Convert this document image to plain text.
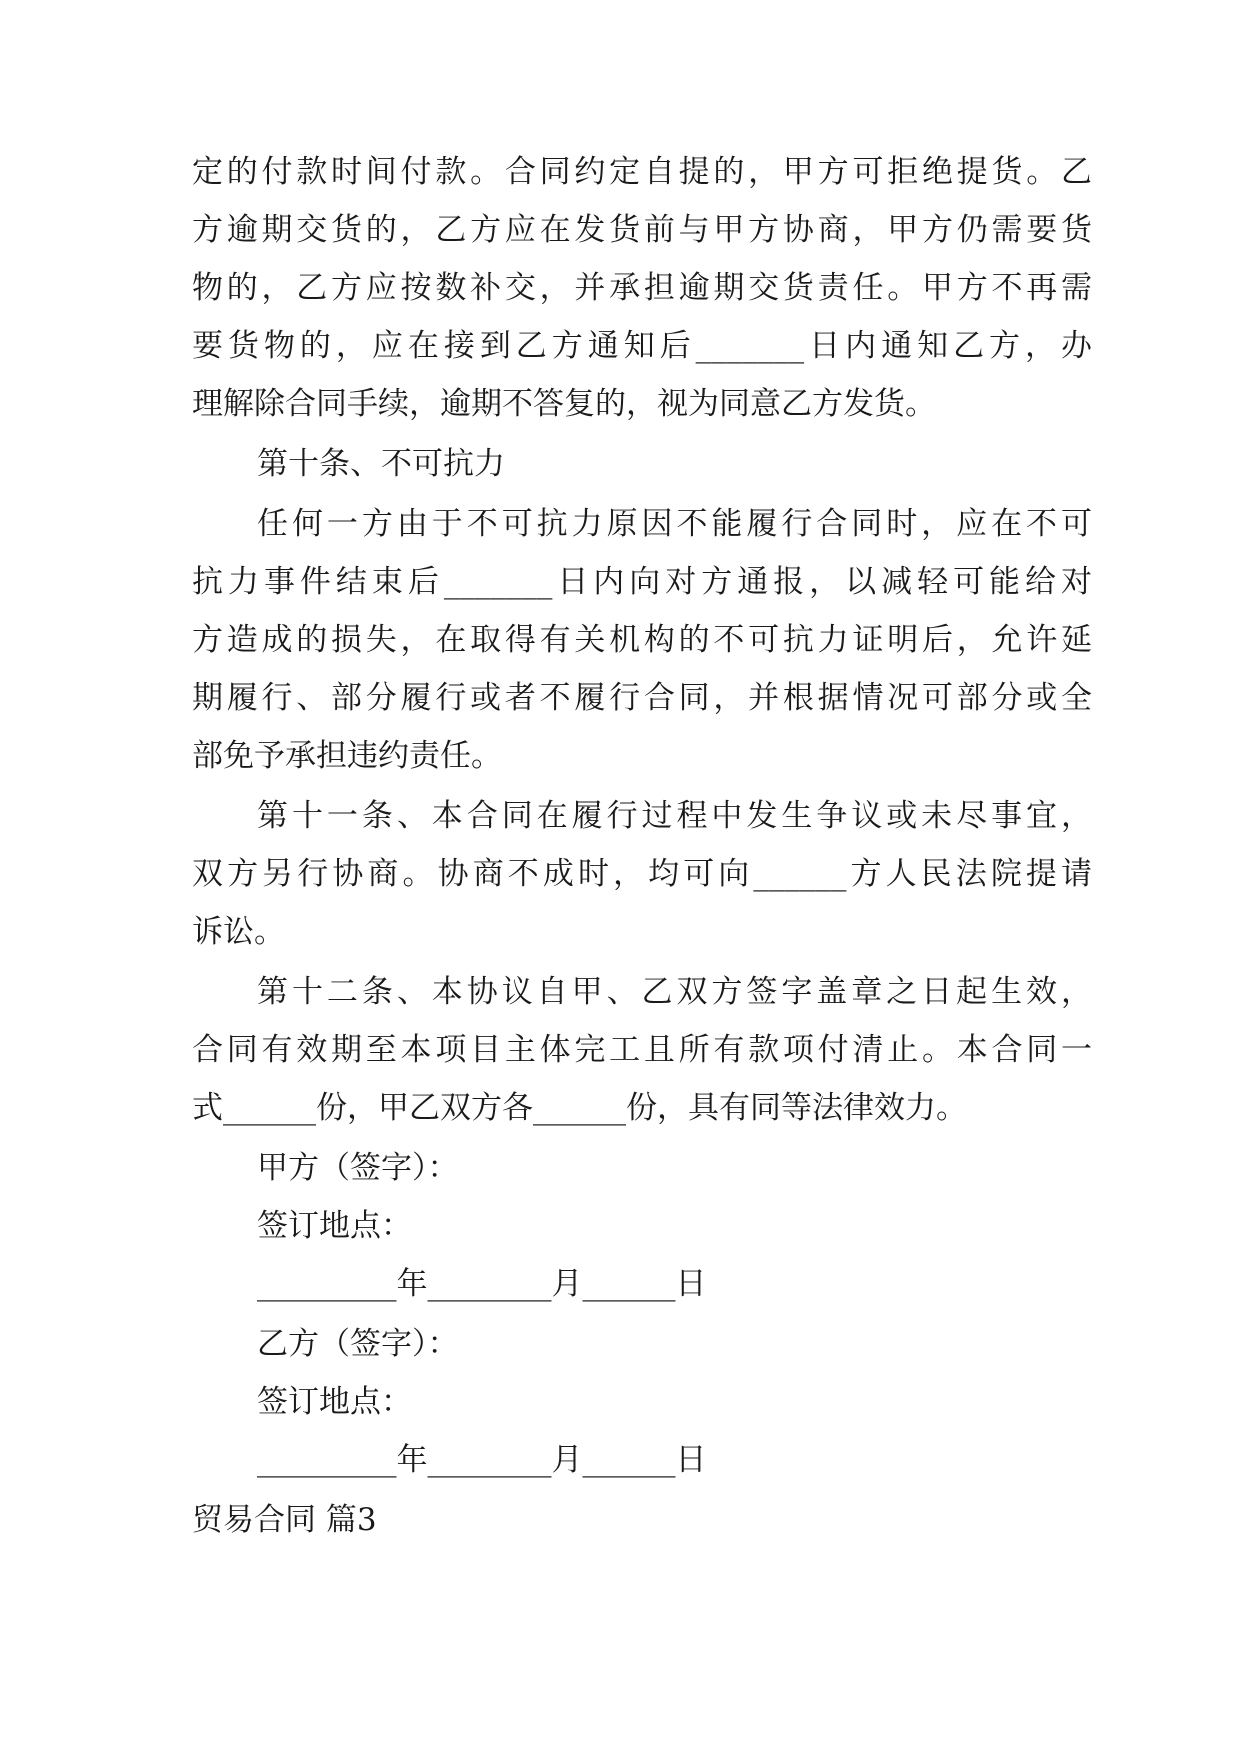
定的付款时间付款。合同约定自提的，甲方可拒绝提货。乙
方逾期交货的，乙方应在发货前与甲方协商，甲方仍需要货
物的，乙方应按数补交，并承担逾期交货责任。甲方不再需
要货物的，应在接到乙方通知后_______日内通知乙方，办
理解除合同手续，逾期不答复的，视为同意乙方发货。
第十条、不可抗力
任何一方由于不可抗力原因不能履行合同时，应在不可
抗力事件结束后_______日内向对方通报，以减轻可能给对
方造成的损失，在取得有关机构的不可抗力证明后，允许延
期履行、部分履行或者不履行合同，并根据情况可部分或全
部免予承担违约责任。
第十一条、本合同在履行过程中发生争议或未尽事宜，
双方另行协商。协商不成时，均可向______方人民法院提请
诉讼。
第十二条、本协议自甲、乙双方签字盖章之日起生效，
合同有效期至本项目主体完工且所有款项付清止。本合同一
式______份，甲乙双方各______份，具有同等法律效力。
甲方（签字）：
签订地点：
_________年________月______日
乙方（签字）：
签订地点：
_________年________月______日
贸易合同 篇3
